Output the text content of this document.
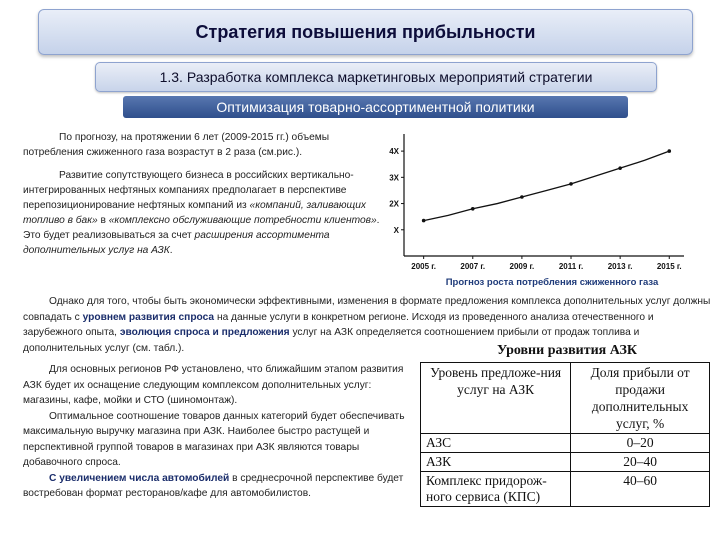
Стратегия повышения прибыльности
1.3. Разработка комплекса маркетинговых мероприятий стратегии
Оптимизация товарно-ассортиментной политики

По прогнозу, на протяжении 6 лет (2009-2015 гг.) объемы потребления сжиженного газа возрастут в 2 раза (см.рис.).

Развитие сопутствующего бизнеса в российских вертикально-интегрированных нефтяных компаниях предполагает в перспективе перепозиционирование нефтяных компаний из «компаний, заливающих топливо в бак» в «комплексно обслуживающие потребности клиентов». Это будет реализовываться за счет расширения ассортимента дополнительных услуг на АЗК.

X
2X
3X
4X
2005 г.	2007 г.	2009 г.	2011 г.	2013 г.	2015 г.
Прогноз роста потребления сжиженного газа

Однако для того, чтобы быть экономически эффективными, изменения в формате предложения комплекса дополнительных услуг должны совпадать с уровнем развития спроса на данные услуги в конкретном регионе. Исходя из проведенного анализа отечественного и зарубежного опыта, эволюция спроса и предложения услуг на АЗК определяется соотношением прибыли от продаж топлива и дополнительных услуг (см. табл.).

Для основных регионов РФ установлено, что ближайшим этапом развития АЗК будет их оснащение следующим комплексом дополнительных услуг: магазины, кафе, мойки и СТО (шиномонтаж).

Оптимальное соотношение товаров данных категорий будет обеспечивать максимальную выручку магазина при АЗК. Наиболее быстро растущей и перспективной группой товаров в магазинах при АЗК являются товары добавочного спроса.

С увеличением числа автомобилей в среднесрочной перспективе будет востребован формат ресторанов/кафе для автомобилистов.

Уровни развития АЗК
Уровень предложе-ния услуг на АЗК	Доля прибыли от продажи дополнительных услуг, %
АЗС	0–20
АЗК	20–40
Комплекс придорож-ного сервиса (КПС)	40–60
